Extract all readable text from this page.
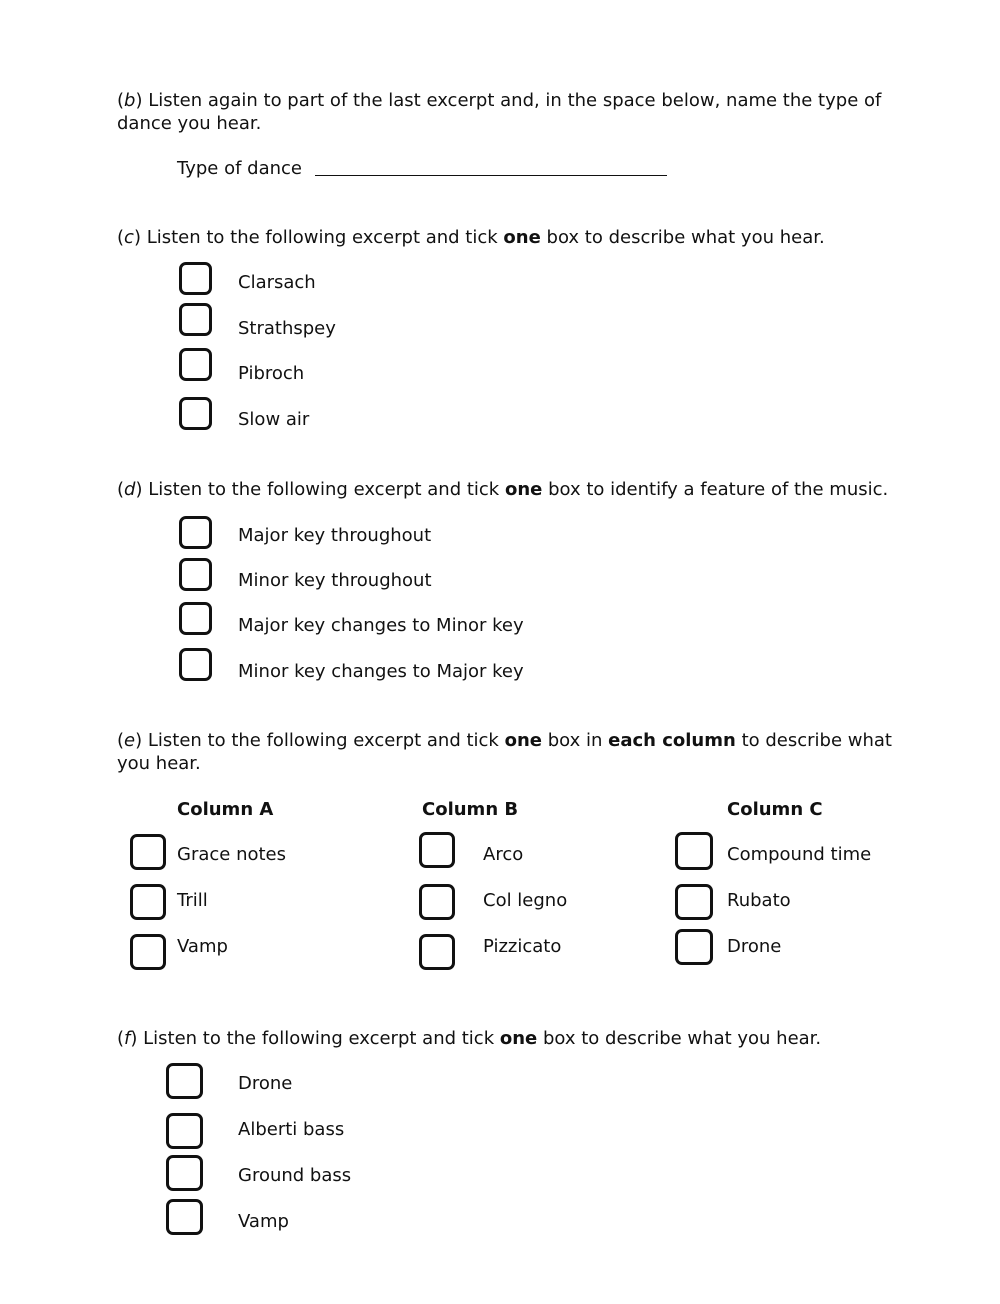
(b) Listen again to part of the last excerpt and, in the space below, name the type of dance you hear.
Type of dance
(c) Listen to the following excerpt and tick one box to describe what you hear.
Clarsach
Strathspey
Pibroch
Slow air
(d) Listen to the following excerpt and tick one box to identify a feature of the music.
Major key throughout
Minor key throughout
Major key changes to Minor key
Minor key changes to Major key
(e) Listen to the following excerpt and tick one box in each column to describe what you hear.
Column A	Column B	Column C
Grace notes
Trill
Vamp
Arco
Col legno
Pizzicato
Compound time
Rubato
Drone
(f) Listen to the following excerpt and tick one box to describe what you hear.
Drone
Alberti bass
Ground bass
Vamp
